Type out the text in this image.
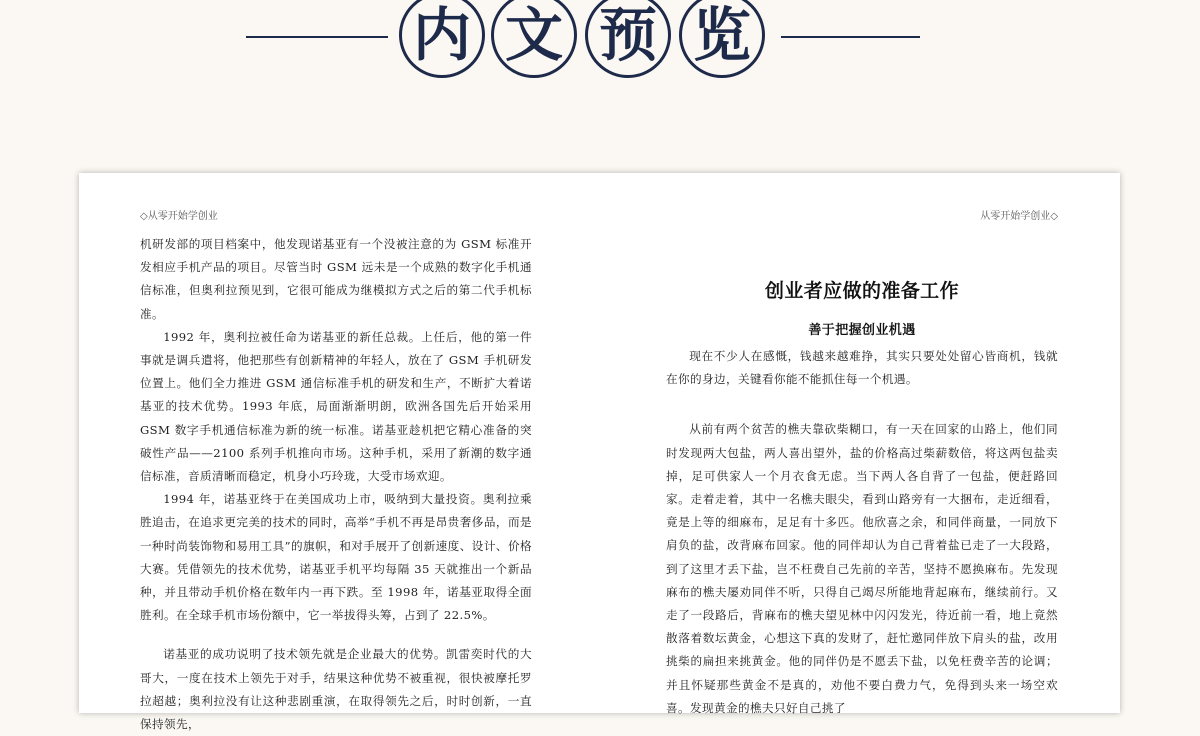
内 文 预 览
◇从零开始学创业	从零开始学创业◇

机研发部的项目档案中，他发现诺基亚有一个没被注意的为 GSM 标准开发相应手机产品的项目。尽管当时 GSM 远未是一个成熟的数字化手机通信标准，但奥利拉预见到，它很可能成为继模拟方式之后的第二代手机标准。

1992 年，奥利拉被任命为诺基亚的新任总裁。上任后，他的第一件事就是调兵遣将，他把那些有创新精神的年轻人，放在了 GSM 手机研发位置上。他们全力推进 GSM 通信标准手机的研发和生产，不断扩大着诺基亚的技术优势。1993 年底，局面渐渐明朗，欧洲各国先后开始采用 GSM 数字手机通信标准为新的统一标准。诺基亚趁机把它精心准备的突破性产品——2100 系列手机推向市场。这种手机，采用了新潮的数字通信标准，音质清晰而稳定，机身小巧玲珑，大受市场欢迎。

1994 年，诺基亚终于在美国成功上市，吸纳到大量投资。奥利拉乘胜追击，在追求更完美的技术的同时，高举“手机不再是昂贵奢侈品，而是一种时尚装饰物和易用工具”的旗帜，和对手展开了创新速度、设计、价格大赛。凭借领先的技术优势，诺基亚手机平均每隔 35 天就推出一个新品种，并且带动手机价格在数年内一再下跌。至 1998 年，诺基亚取得全面胜利。在全球手机市场份额中，它一举拔得头筹，占到了 22.5%。

诺基亚的成功说明了技术领先就是企业最大的优势。凯雷奕时代的大哥大，一度在技术上领先于对手，结果这种优势不被重视，很快被摩托罗拉超越；奥利拉没有让这种悲剧重演，在取得领先之后，时时创新，一直保持领先，

创业者应做的准备工作
善于把握创业机遇

现在不少人在感慨，钱越来越难挣，其实只要处处留心皆商机，钱就在你的身边，关键看你能不能抓住每一个机遇。

从前有两个贫苦的樵夫靠砍柴糊口，有一天在回家的山路上，他们同时发现两大包盐，两人喜出望外，盐的价格高过柴薪数倍，将这两包盐卖掉，足可供家人一个月衣食无虑。当下两人各自背了一包盐，便赶路回家。走着走着，其中一名樵夫眼尖，看到山路旁有一大捆布，走近细看，竟是上等的细麻布，足足有十多匹。他欣喜之余，和同伴商量，一同放下肩负的盐，改背麻布回家。他的同伴却认为自己背着盐已走了一大段路，到了这里才丢下盐，岂不枉费自己先前的辛苦，坚持不愿换麻布。先发现麻布的樵夫屡劝同伴不听，只得自己竭尽所能地背起麻布，继续前行。又走了一段路后，背麻布的樵夫望见林中闪闪发光，待近前一看，地上竟然散落着数坛黄金，心想这下真的发财了，赶忙邀同伴放下肩头的盐，改用挑柴的扁担来挑黄金。他的同伴仍是不愿丢下盐，以免枉费辛苦的论调；并且怀疑那些黄金不是真的，劝他不要白费力气，免得到头来一场空欢喜。发现黄金的樵夫只好自己挑了
